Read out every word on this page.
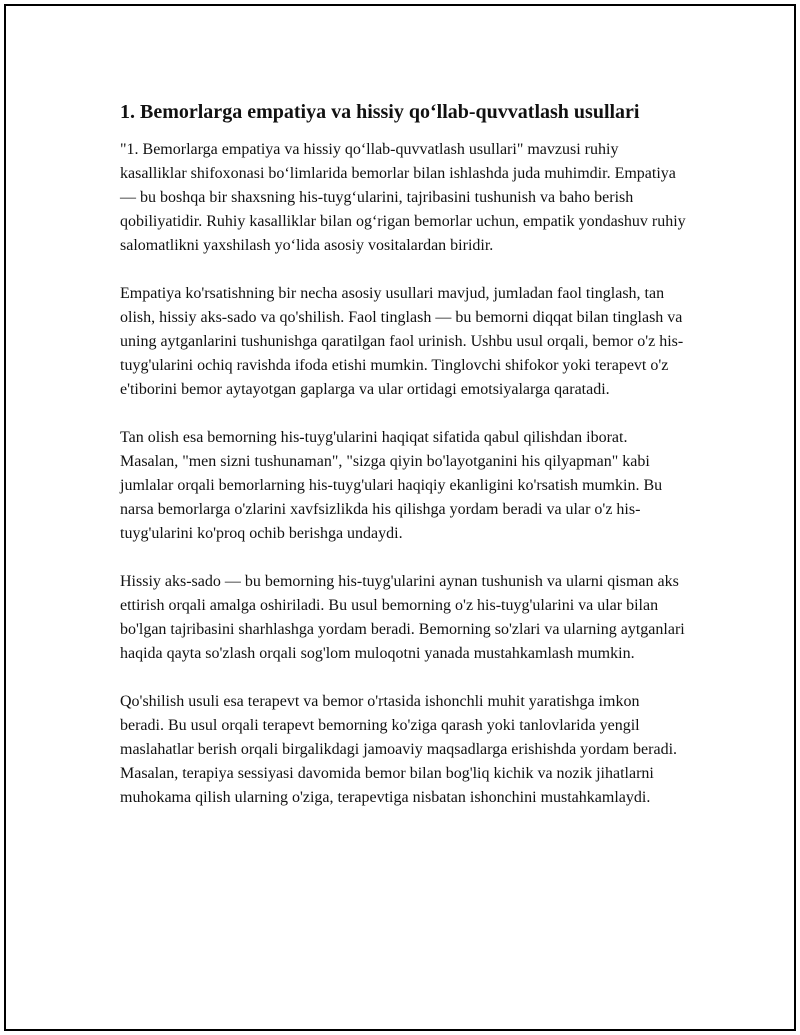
1. Bemorlarga empatiya va hissiy qo‘llab-quvvatlash usullari

"1. Bemorlarga empatiya va hissiy qo‘llab-quvvatlash usullari" mavzusi ruhiy kasalliklar shifoxonasi bo‘limlarida bemorlar bilan ishlashda juda muhimdir. Empatiya — bu boshqa bir shaxsning his-tuyg‘ularini, tajribasini tushunish va baho berish qobiliyatidir. Ruhiy kasalliklar bilan og‘rigan bemorlar uchun, empatik yondashuv ruhiy salomatlikni yaxshilash yo‘lida asosiy vositalardan biridir.

Empatiya ko'rsatishning bir necha asosiy usullari mavjud, jumladan faol tinglash, tan olish, hissiy aks-sado va qo'shilish. Faol tinglash — bu bemorni diqqat bilan tinglash va uning aytganlarini tushunishga qaratilgan faol urinish. Ushbu usul orqali, bemor o'z his-tuyg'ularini ochiq ravishda ifoda etishi mumkin. Tinglovchi shifokor yoki terapevt o'z e'tiborini bemor aytayotgan gaplarga va ular ortidagi emotsiyalarga qaratadi.

Tan olish esa bemorning his-tuyg'ularini haqiqat sifatida qabul qilishdan iborat. Masalan, "men sizni tushunaman", "sizga qiyin bo'layotganini his qilyapman" kabi jumlalar orqali bemorlarning his-tuyg'ulari haqiqiy ekanligini ko'rsatish mumkin. Bu narsa bemorlarga o'zlarini xavfsizlikda his qilishga yordam beradi va ular o'z his-tuyg'ularini ko'proq ochib berishga undaydi.

Hissiy aks-sado — bu bemorning his-tuyg'ularini aynan tushunish va ularni qisman aks ettirish orqali amalga oshiriladi. Bu usul bemorning o'z his-tuyg'ularini va ular bilan bo'lgan tajribasini sharhlashga yordam beradi. Bemorning so'zlari va ularning aytganlari haqida qayta so'zlash orqali sog'lom muloqotni yanada mustahkamlash mumkin.

Qo'shilish usuli esa terapevt va bemor o'rtasida ishonchli muhit yaratishga imkon beradi. Bu usul orqali terapevt bemorning ko'ziga qarash yoki tanlovlarida yengil maslahatlar berish orqali birgalikdagi jamoaviy maqsadlarga erishishda yordam beradi. Masalan, terapiya sessiyasi davomida bemor bilan bog'liq kichik va nozik jihatlarni muhokama qilish ularning o'ziga, terapevtiga nisbatan ishonchini mustahkamlaydi.
